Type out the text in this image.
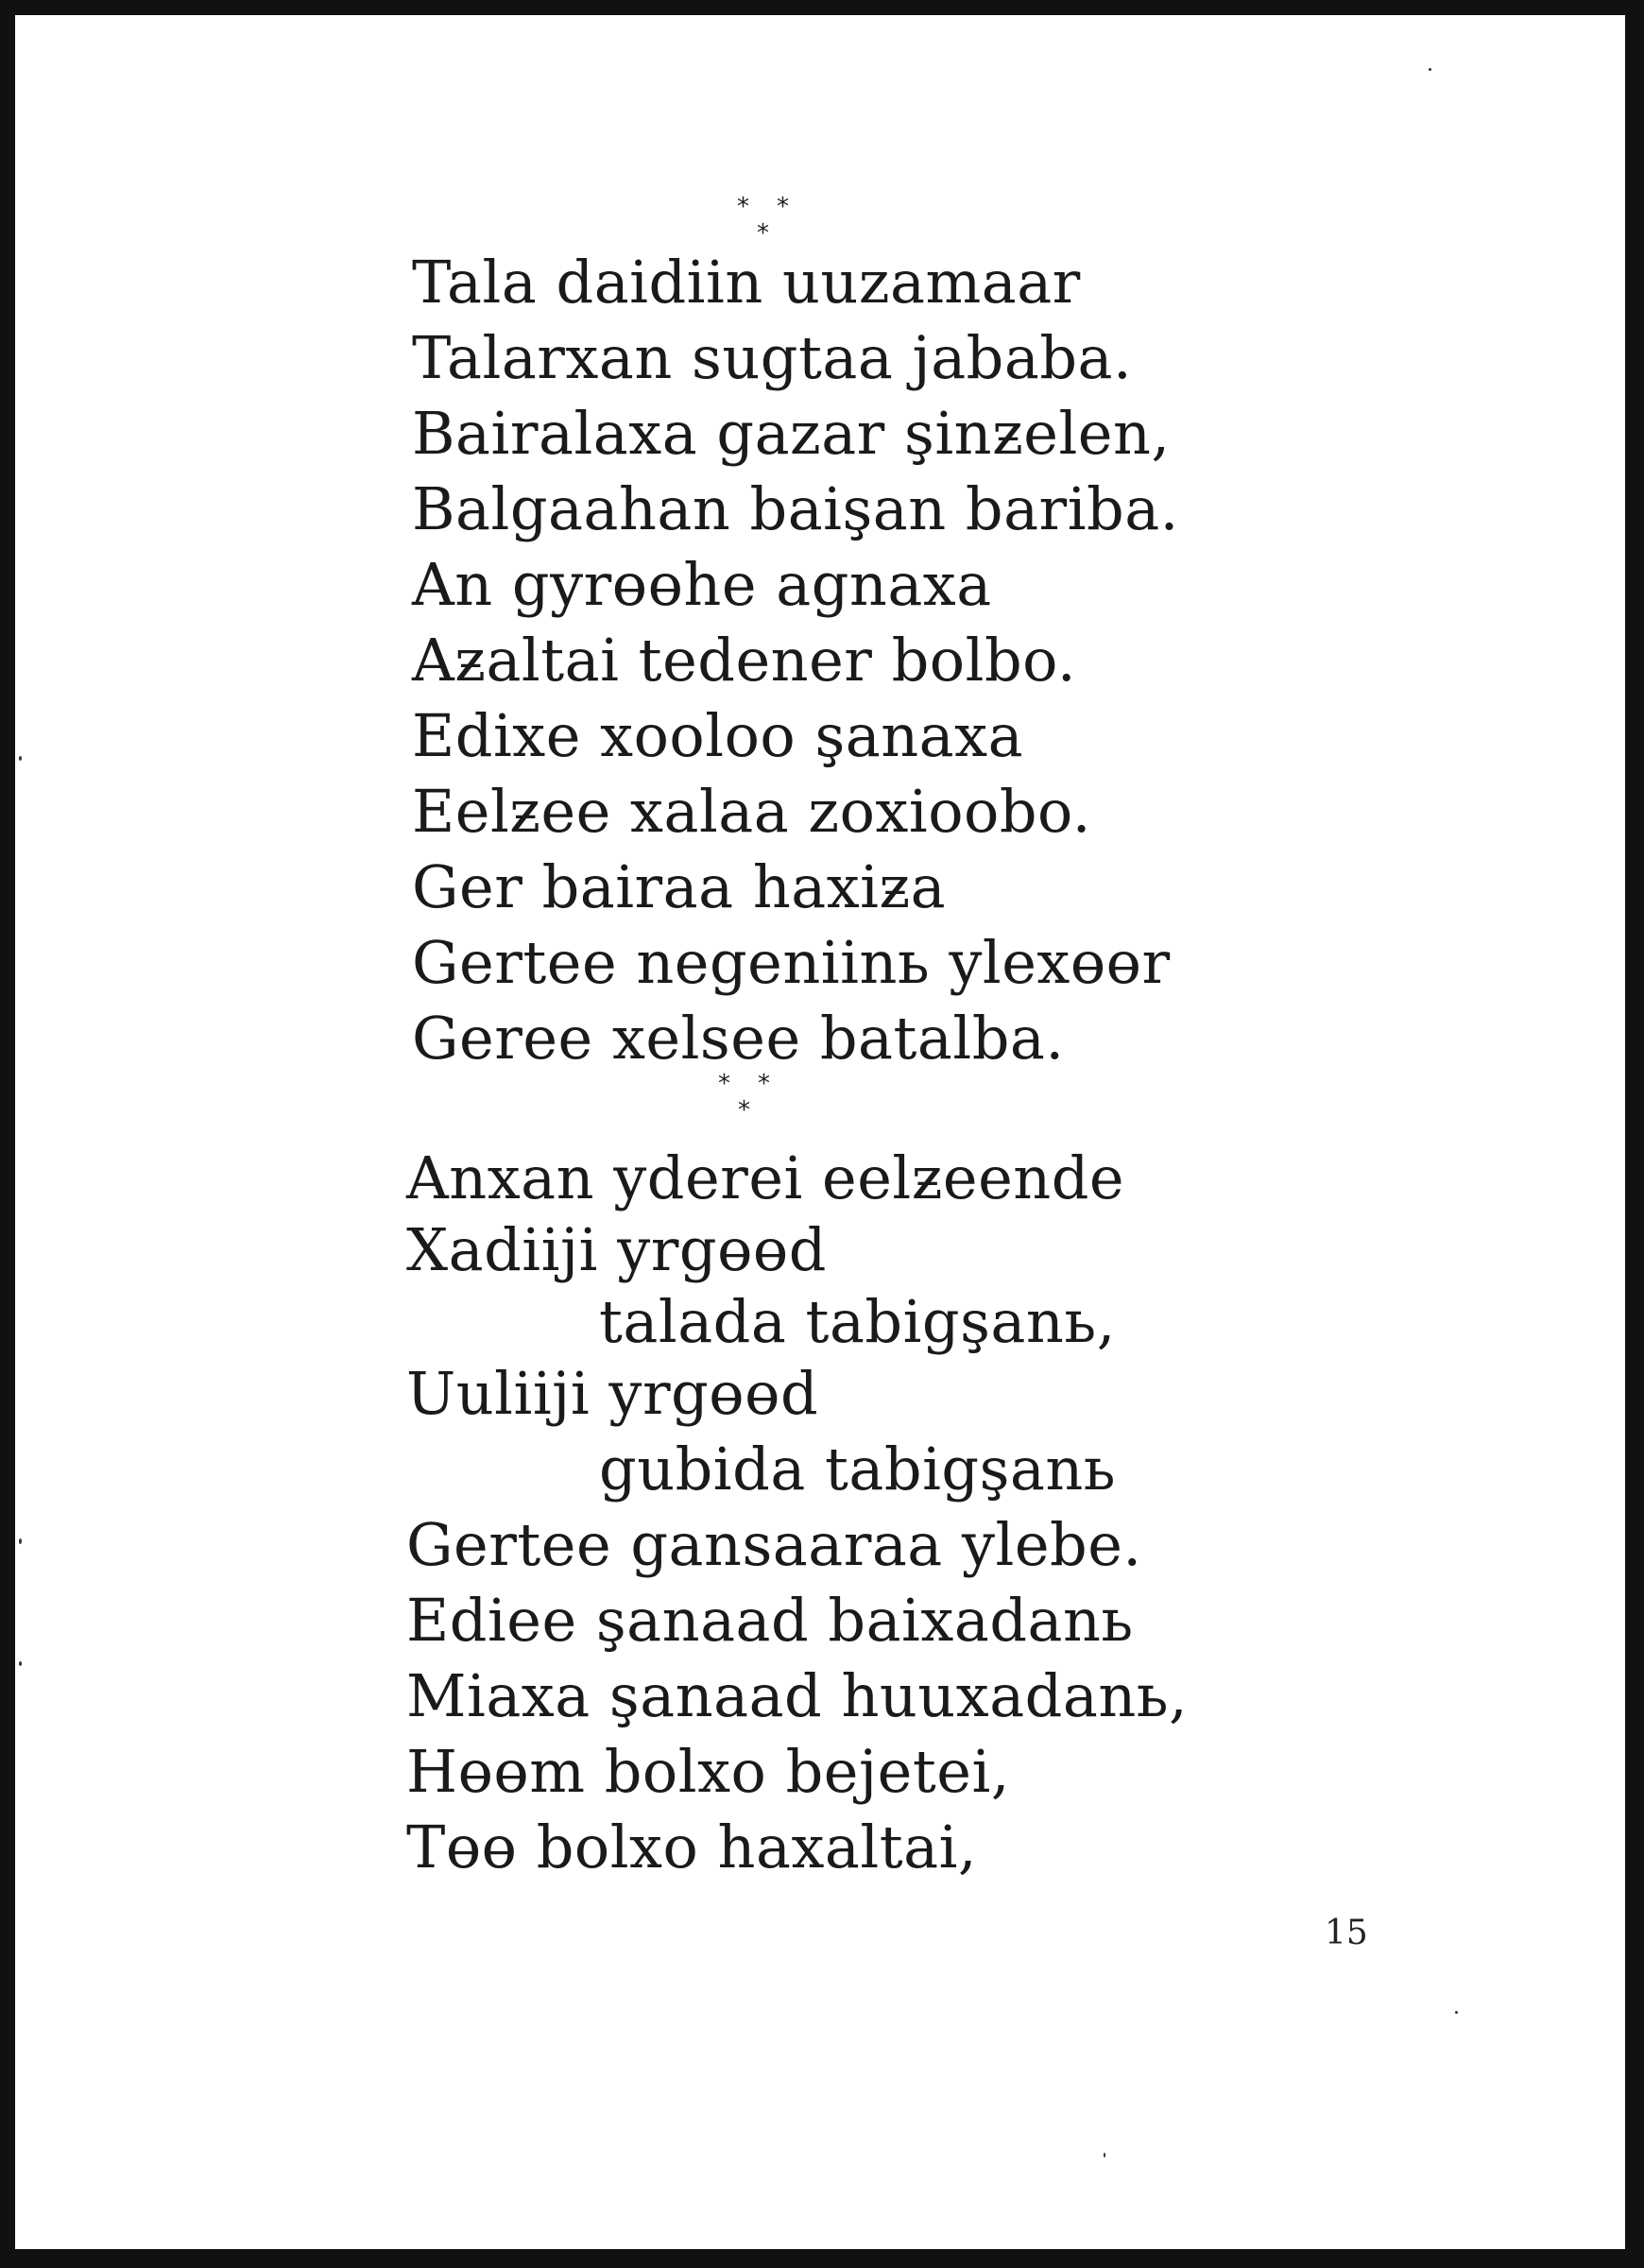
* *
*

Tala daidiin uuzamaar

Talarxan sugtaa jababa.

Bairalaxa gazar şinƶelen,

Balgaahan baişan bariba.

An gyrөөhe agnaxa

Aƶaltai tedener bolbo.

Edixe xooloo şanaxa

Eelƶee xalaa zoxioobo.

Ger bairaa haxiƶa

Gertee negeniinь ylexөөr

Geree xelsee batalba.

* *
*

Anxan yderei eelƶeende

Xadiiji yrgөөd

talada tabigşanь,

Uuliiji yrgөөd

gubida tabigşanь

Gertee gansaaraa ylebe.

Ediee şanaad baixadanь

Miaxa şanaad huuxadanь,

Hөөm bolxo bejetei,

Tөө bolxo haxaltai,

15
